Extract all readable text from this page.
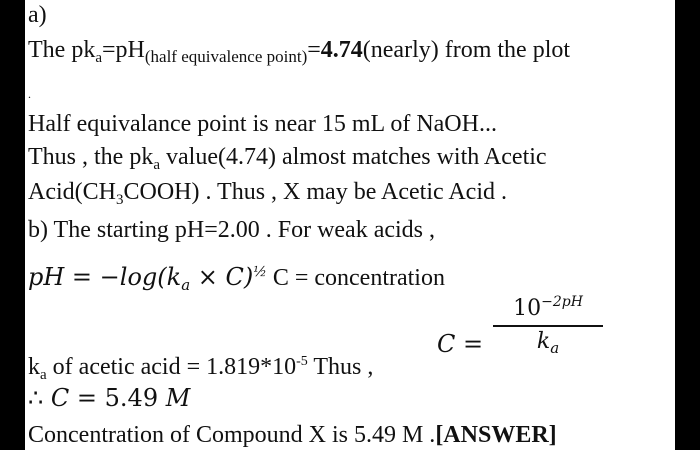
a)
The $pk_a=pH_{(half equivalence point)}=4.74(nearly)$ from the plot
.
Half equivalance point is near 15 mL of NaOH...
Thus , the $pk_a$ value(4.74) almost matches with Acetic
$Acid(CH_3COOH)$ . Thus , X may be Acetic Acid .
b) The starting pH=2.00 . For weak acids ,
pH = $-\log(k_a \times C)^{\frac{1}{2}}$ C = concentration
C =
$10^{-2pH}$
$k_a$
$k_a$ of acetic acid = $1.819*10^{-5}$ Thus ,
∴ C = 5.49 M
Concentration of Compound X is 5.49 M .[ANSWER]
